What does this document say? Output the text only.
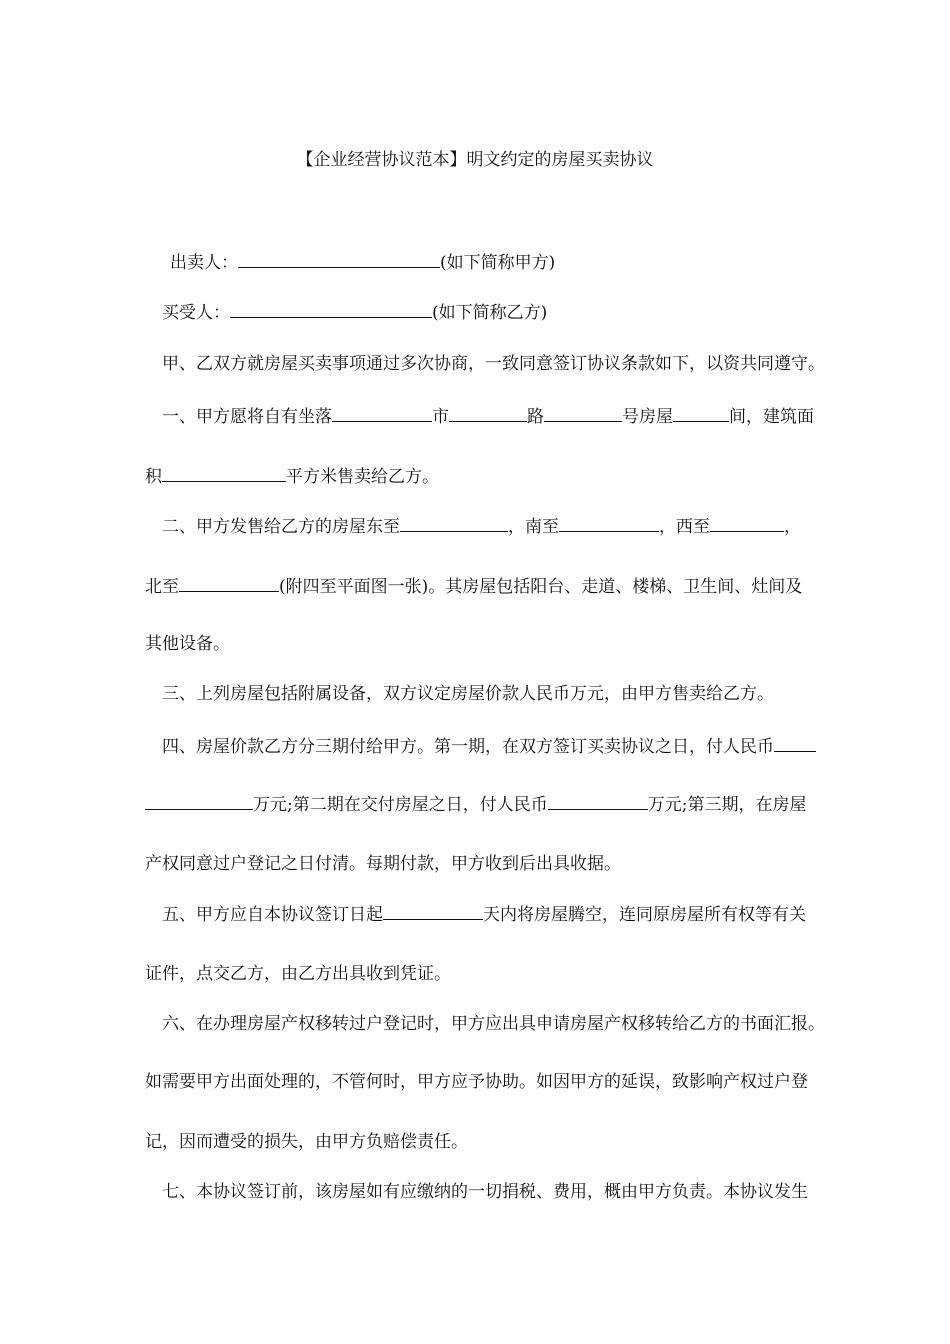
【企业经营协议范本】明文约定的房屋买卖协议
出卖人：	(如下简称甲方)
买受人：	(如下简称乙方)
甲、乙双方就房屋买卖事项通过多次协商，一致同意签订协议条款如下，以资共同遵守。
一、甲方愿将自有坐落	市	路	号房屋	间，建筑面
积	平方米售卖给乙方。
二、甲方发售给乙方的房屋东至	，南至	，西至	，
北至	(附四至平面图一张)。其房屋包括阳台、走道、楼梯、卫生间、灶间及
其他设备。
三、上列房屋包括附属设备，双方议定房屋价款人民币万元，由甲方售卖给乙方。
四、房屋价款乙方分三期付给甲方。第一期，在双方签订买卖协议之日，付人民币
万元;第二期在交付房屋之日，付人民币	万元;第三期，在房屋
产权同意过户登记之日付清。每期付款，甲方收到后出具收据。
五、甲方应自本协议签订日起	天内将房屋腾空，连同原房屋所有权等有关
证件，点交乙方，由乙方出具收到凭证。
六、在办理房屋产权移转过户登记时，甲方应出具申请房屋产权移转给乙方的书面汇报。
如需要甲方出面处理的，不管何时，甲方应予协助。如因甲方的延误，致影响产权过户登
记，因而遭受的损失，由甲方负赔偿责任。
七、本协议签订前，该房屋如有应缴纳的一切捐税、费用，概由甲方负责。本协议发生
